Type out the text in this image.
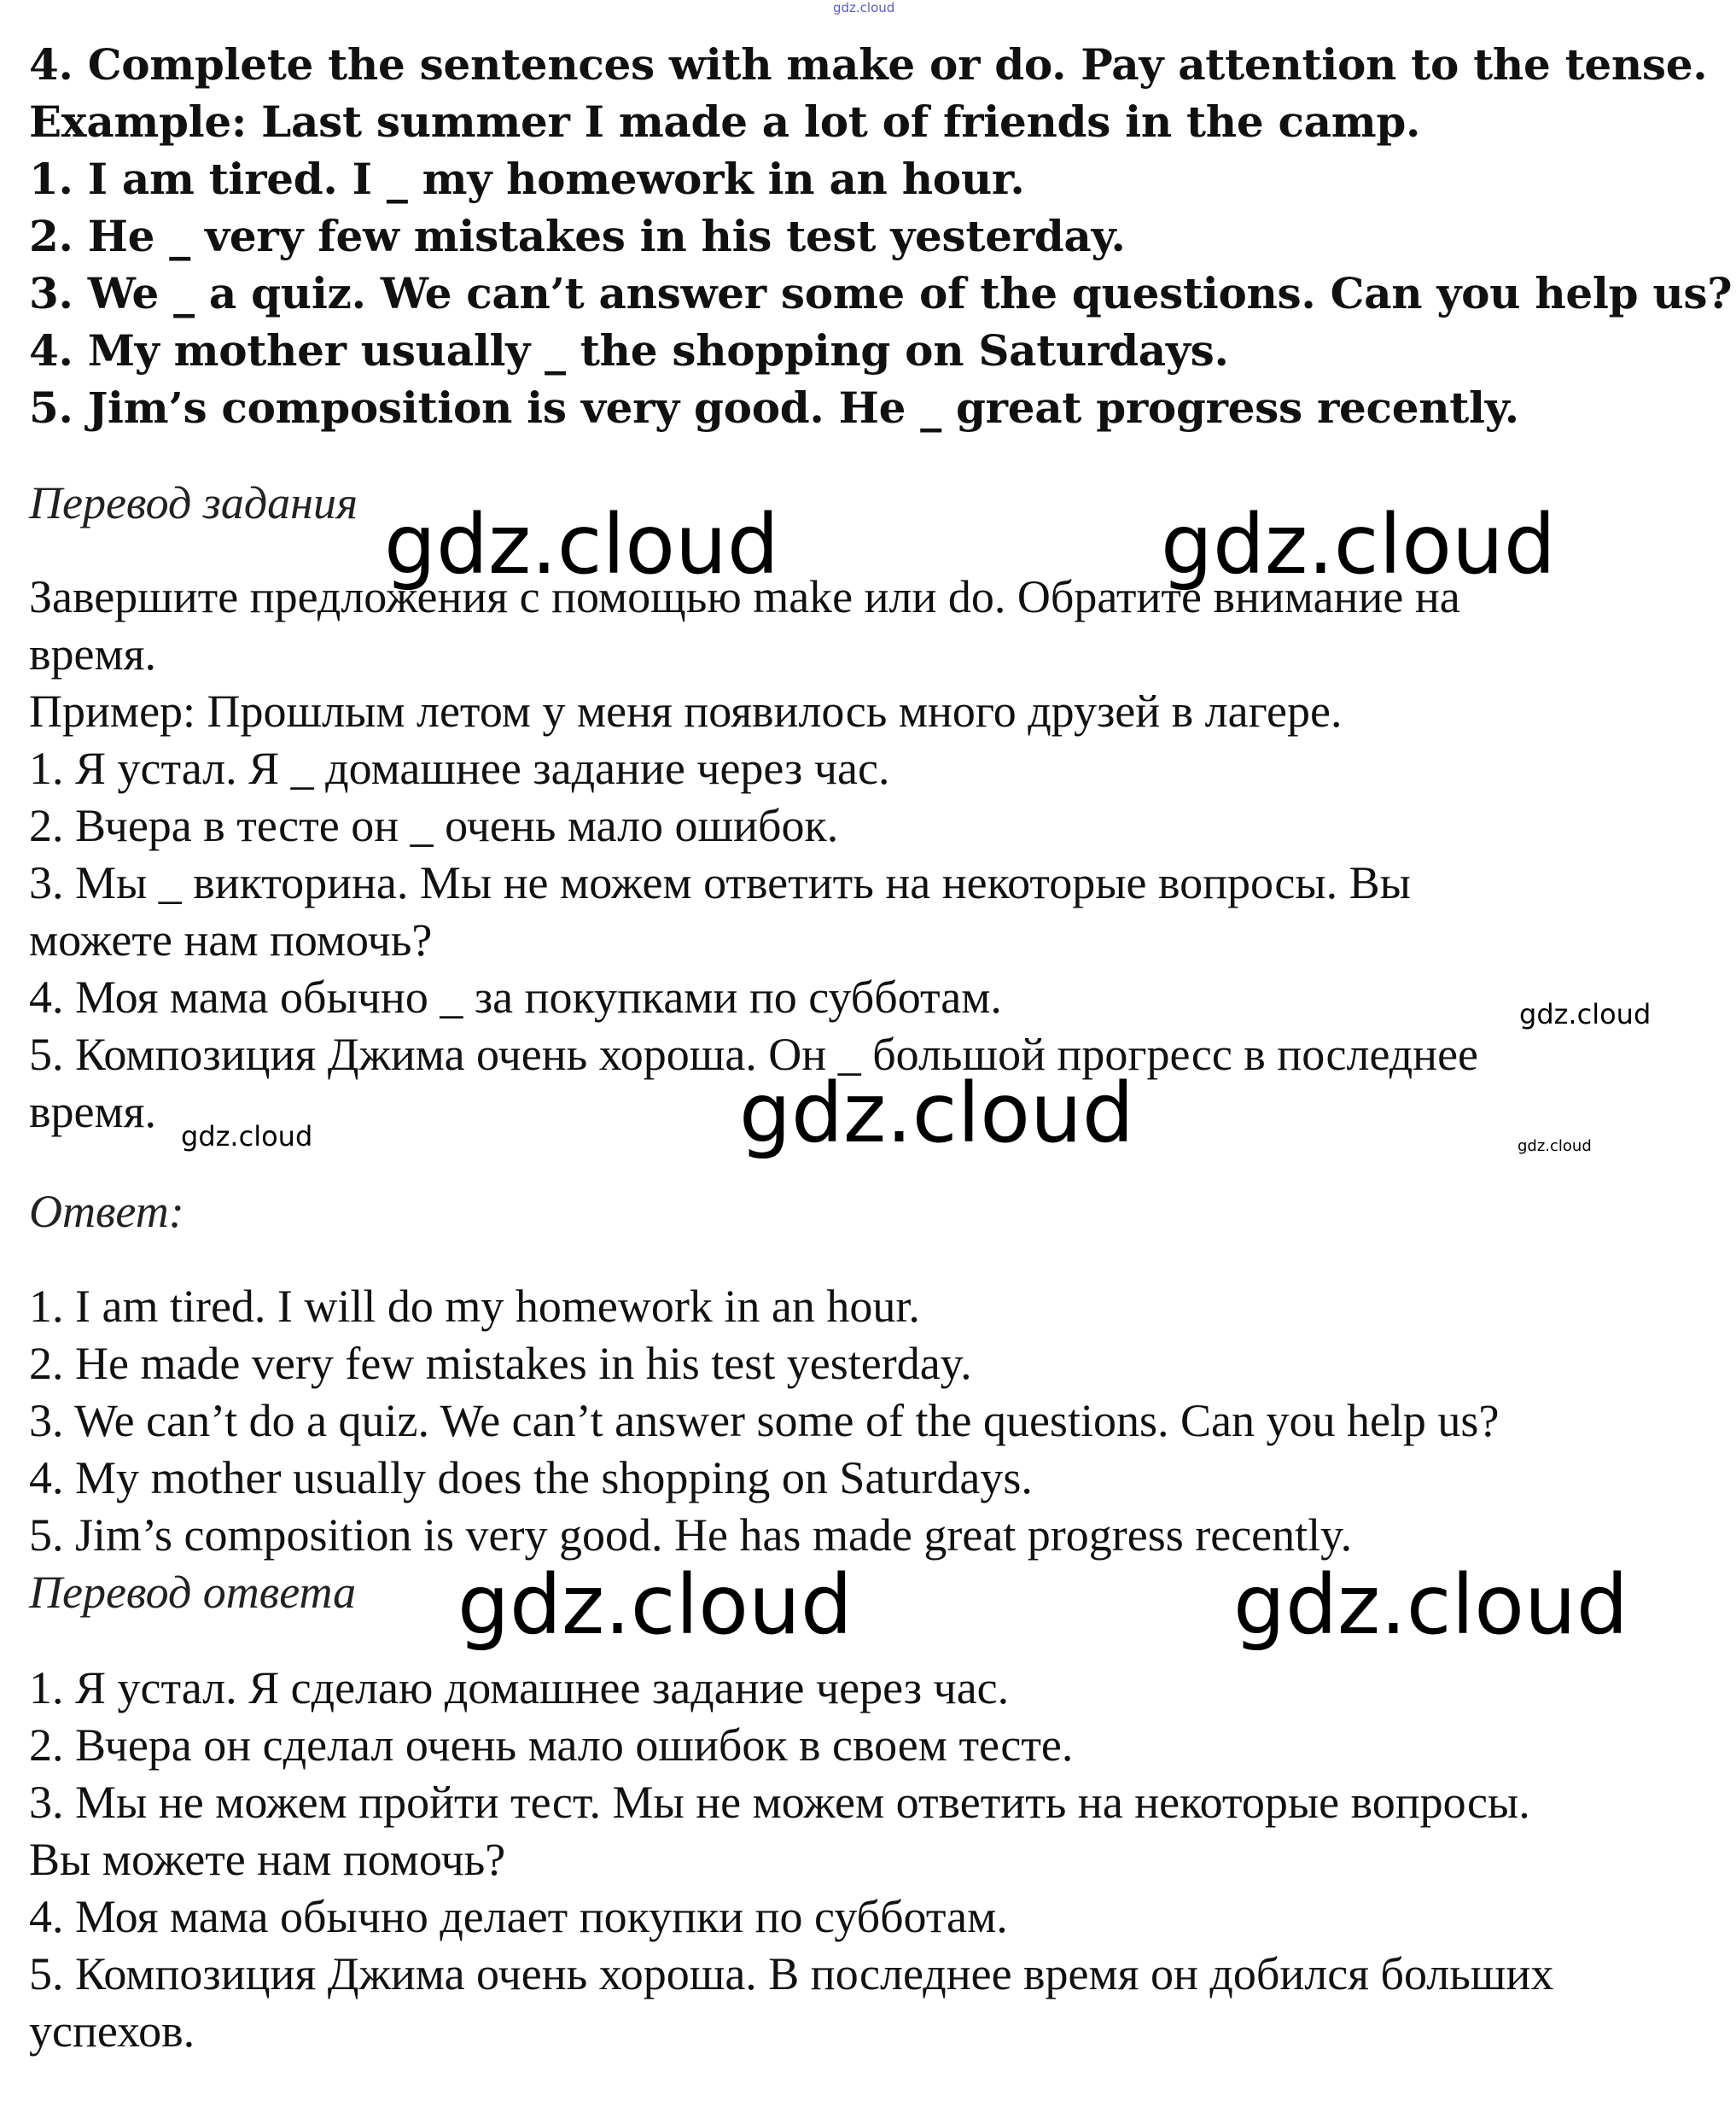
gdz.cloud

4. Complete the sentences with make or do. Pay attention to the tense.

Example: Last summer I made a lot of friends in the camp.

1. I am tired. I _ my homework in an hour.

2. He _ very few mistakes in his test yesterday.

3. We _ a quiz. We can’t answer some of the questions. Can you help us?

4. My mother usually _ the shopping on Saturdays.

5. Jim’s composition is very good. He _ great progress recently.

Перевод задания

Завершите предложения с помощью make или do. Обратите внимание на

время.

Пример: Прошлым летом у меня появилось много друзей в лагере.

1. Я устал. Я _ домашнее задание через час.

2. Вчера в тесте он _ очень мало ошибок.

3. Мы _ викторина. Мы не можем ответить на некоторые вопросы. Вы

можете нам помочь?

4. Моя мама обычно _ за покупками по субботам.

5. Композиция Джима очень хороша. Он _ большой прогресс в последнее

время.

Ответ:

1. I am tired. I will do my homework in an hour.

2. He made very few mistakes in his test yesterday.

3. We can’t do a quiz. We can’t answer some of the questions. Can you help us?

4. My mother usually does the shopping on Saturdays.

5. Jim’s composition is very good. He has made great progress recently.

Перевод ответа

1. Я устал. Я сделаю домашнее задание через час.

2. Вчера он сделал очень мало ошибок в своем тесте.

3. Мы не можем пройти тест. Мы не можем ответить на некоторые вопросы.

Вы можете нам помочь?

4. Моя мама обычно делает покупки по субботам.

5. Композиция Джима очень хороша. В последнее время он добился больших

успехов.

gdz.cloud	gdz.cloud
gdz.cloud
gdz.cloud
gdz.cloud	gdz.cloud
gdz.cloud	gdz.cloud
